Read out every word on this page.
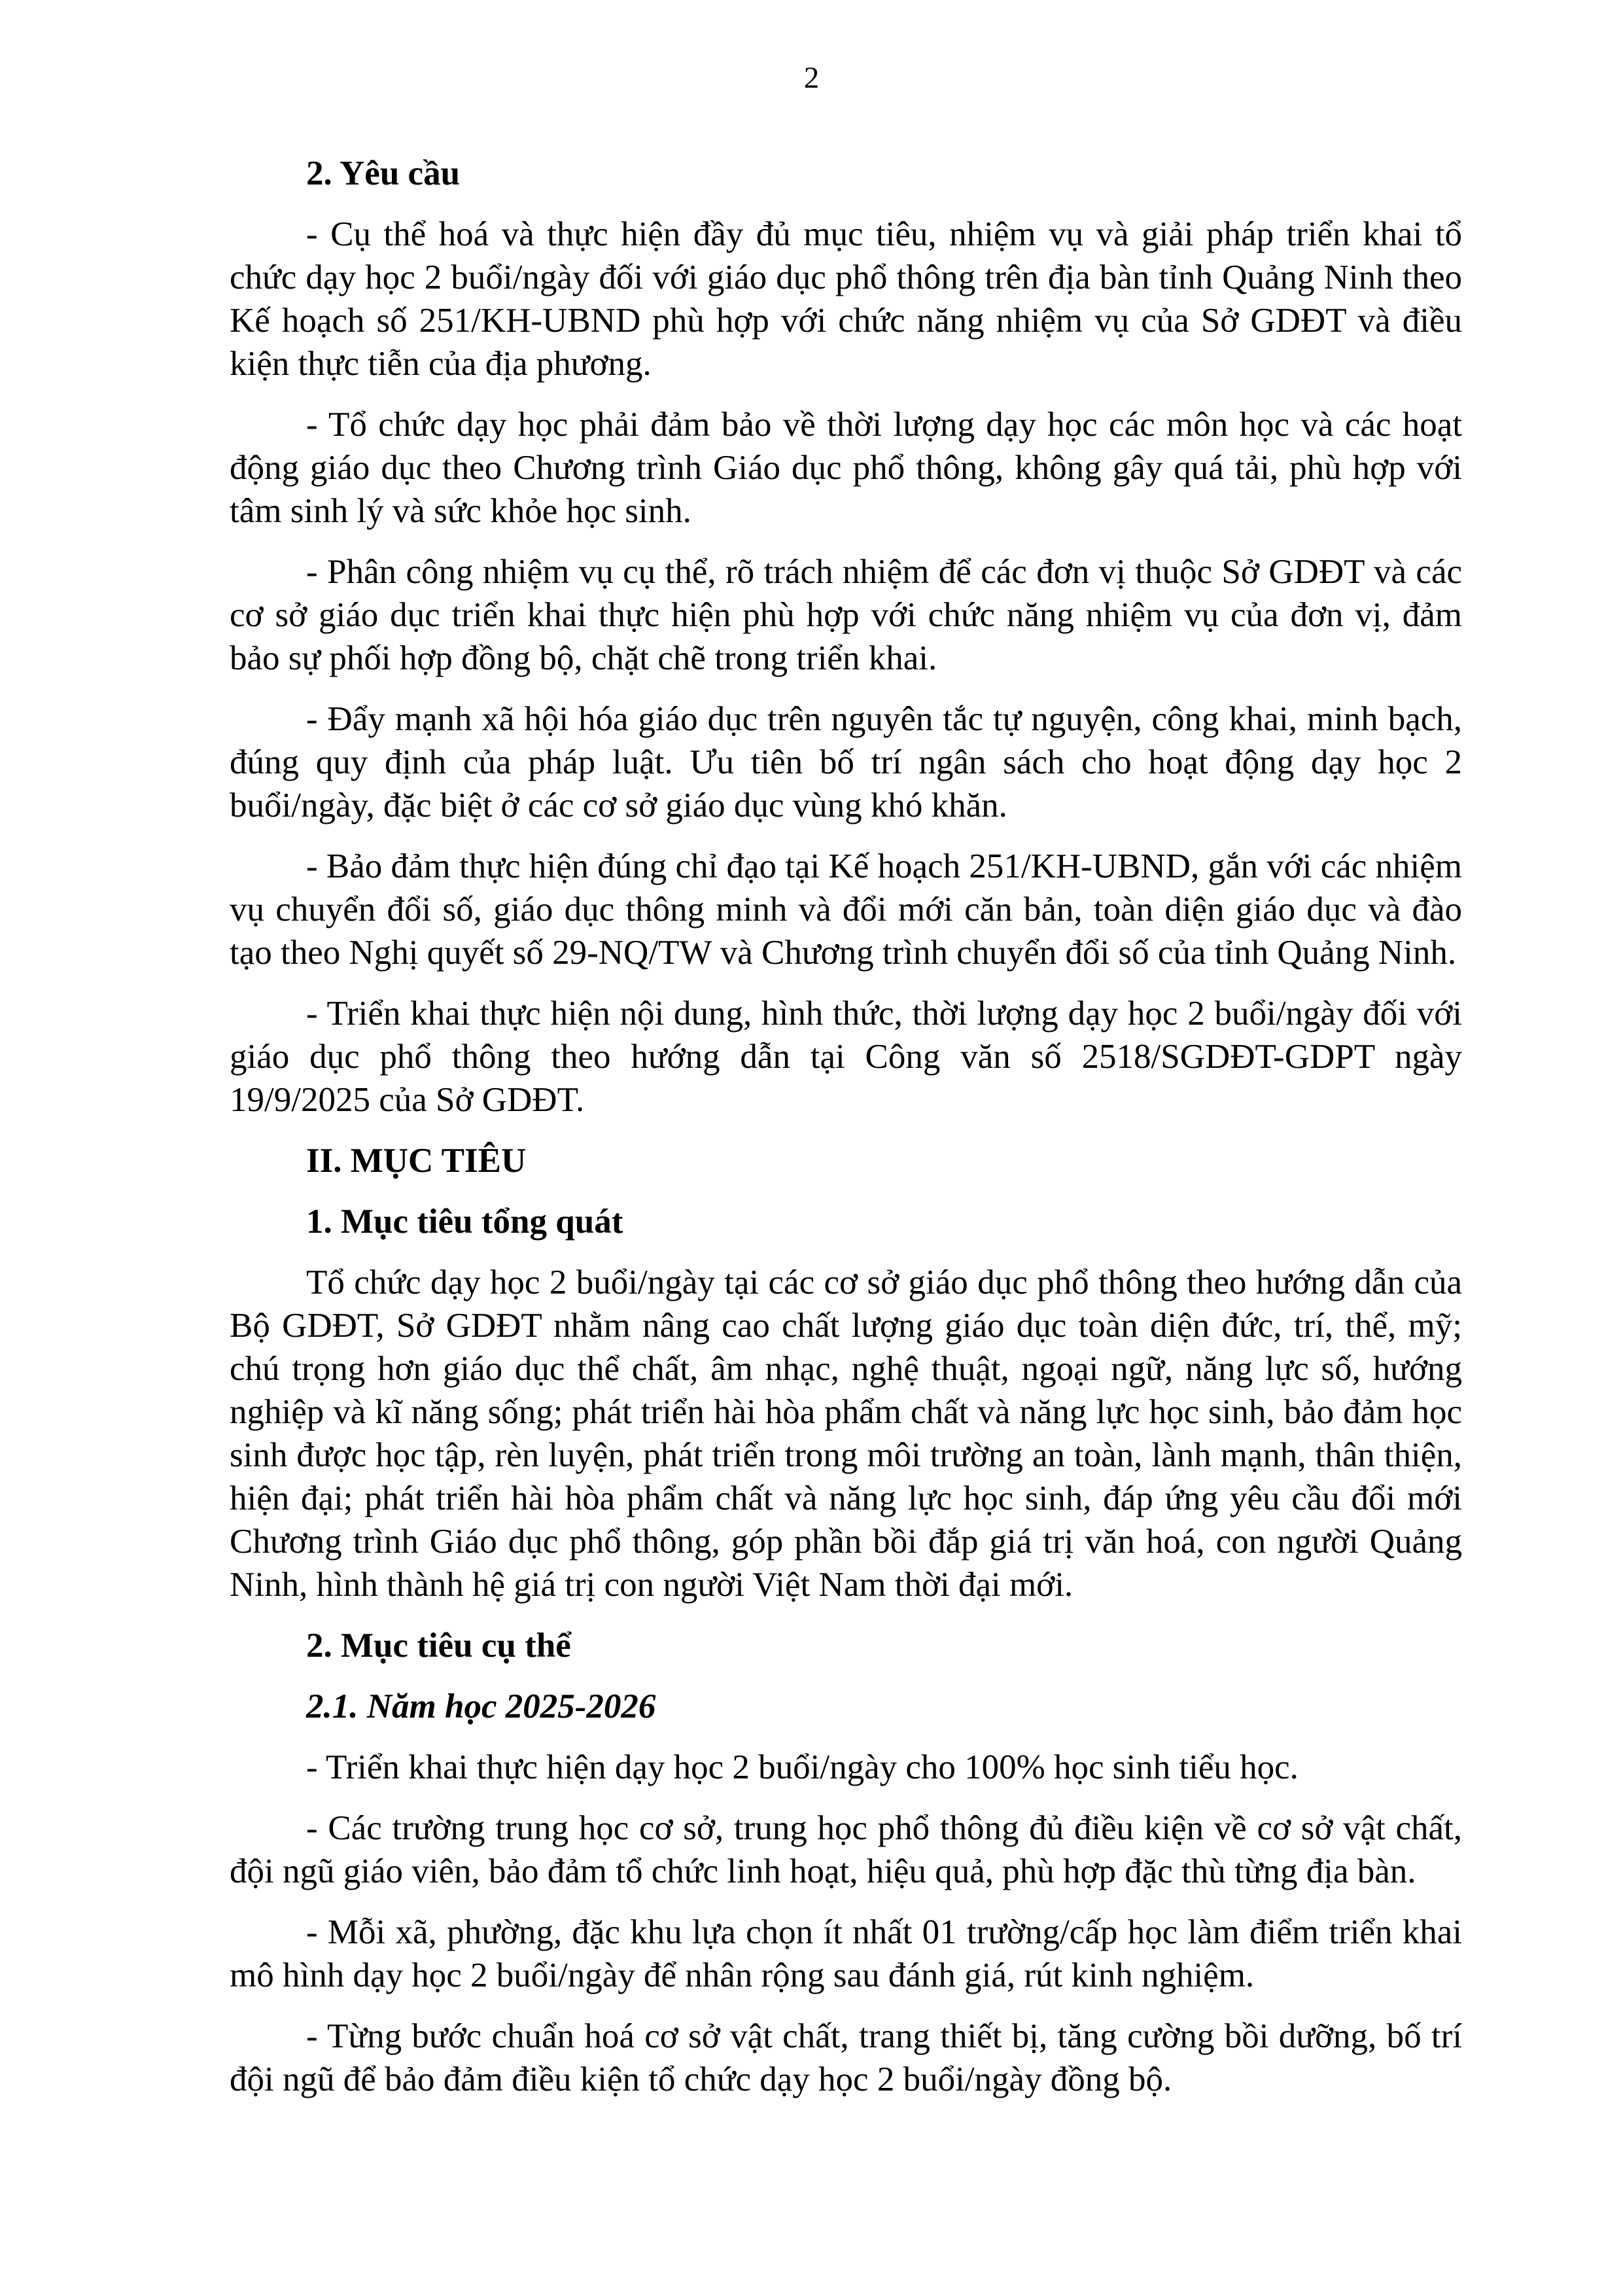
2
2. Yêu cầu

- Cụ thể hoá và thực hiện đầy đủ mục tiêu, nhiệm vụ và giải pháp triển khai tổ chức dạy học 2 buổi/ngày đối với giáo dục phổ thông trên địa bàn tỉnh Quảng Ninh theo Kế hoạch số 251/KH-UBND phù hợp với chức năng nhiệm vụ của Sở GDĐT và điều kiện thực tiễn của địa phương.

- Tổ chức dạy học phải đảm bảo về thời lượng dạy học các môn học và các hoạt động giáo dục theo Chương trình Giáo dục phổ thông, không gây quá tải, phù hợp với tâm sinh lý và sức khỏe học sinh.

- Phân công nhiệm vụ cụ thể, rõ trách nhiệm để các đơn vị thuộc Sở GDĐT và các cơ sở giáo dục triển khai thực hiện phù hợp với chức năng nhiệm vụ của đơn vị, đảm bảo sự phối hợp đồng bộ, chặt chẽ trong triển khai.

- Đẩy mạnh xã hội hóa giáo dục trên nguyên tắc tự nguyện, công khai, minh bạch, đúng quy định của pháp luật. Ưu tiên bố trí ngân sách cho hoạt động dạy học 2 buổi/ngày, đặc biệt ở các cơ sở giáo dục vùng khó khăn.

- Bảo đảm thực hiện đúng chỉ đạo tại Kế hoạch 251/KH-UBND, gắn với các nhiệm vụ chuyển đổi số, giáo dục thông minh và đổi mới căn bản, toàn diện giáo dục và đào tạo theo Nghị quyết số 29-NQ/TW và Chương trình chuyển đổi số của tỉnh Quảng Ninh.

- Triển khai thực hiện nội dung, hình thức, thời lượng dạy học 2 buổi/ngày đối với giáo dục phổ thông theo hướng dẫn tại Công văn số 2518/SGDĐT-GDPT ngày 19/9/2025 của Sở GDĐT.

II. MỤC TIÊU
1. Mục tiêu tổng quát

Tổ chức dạy học 2 buổi/ngày tại các cơ sở giáo dục phổ thông theo hướng dẫn của Bộ GDĐT, Sở GDĐT nhằm nâng cao chất lượng giáo dục toàn diện đức, trí, thể, mỹ; chú trọng hơn giáo dục thể chất, âm nhạc, nghệ thuật, ngoại ngữ, năng lực số, hướng nghiệp và kĩ năng sống; phát triển hài hòa phẩm chất và năng lực học sinh, bảo đảm học sinh được học tập, rèn luyện, phát triển trong môi trường an toàn, lành mạnh, thân thiện, hiện đại; phát triển hài hòa phẩm chất và năng lực học sinh, đáp ứng yêu cầu đổi mới Chương trình Giáo dục phổ thông, góp phần bồi đắp giá trị văn hoá, con người Quảng Ninh, hình thành hệ giá trị con người Việt Nam thời đại mới.

2. Mục tiêu cụ thể
2.1. Năm học 2025-2026

- Triển khai thực hiện dạy học 2 buổi/ngày cho 100% học sinh tiểu học.

- Các trường trung học cơ sở, trung học phổ thông đủ điều kiện về cơ sở vật chất, đội ngũ giáo viên, bảo đảm tổ chức linh hoạt, hiệu quả, phù hợp đặc thù từng địa bàn.

- Mỗi xã, phường, đặc khu lựa chọn ít nhất 01 trường/cấp học làm điểm triển khai mô hình dạy học 2 buổi/ngày để nhân rộng sau đánh giá, rút kinh nghiệm.

- Từng bước chuẩn hoá cơ sở vật chất, trang thiết bị, tăng cường bồi dưỡng, bố trí đội ngũ để bảo đảm điều kiện tổ chức dạy học 2 buổi/ngày đồng bộ.
